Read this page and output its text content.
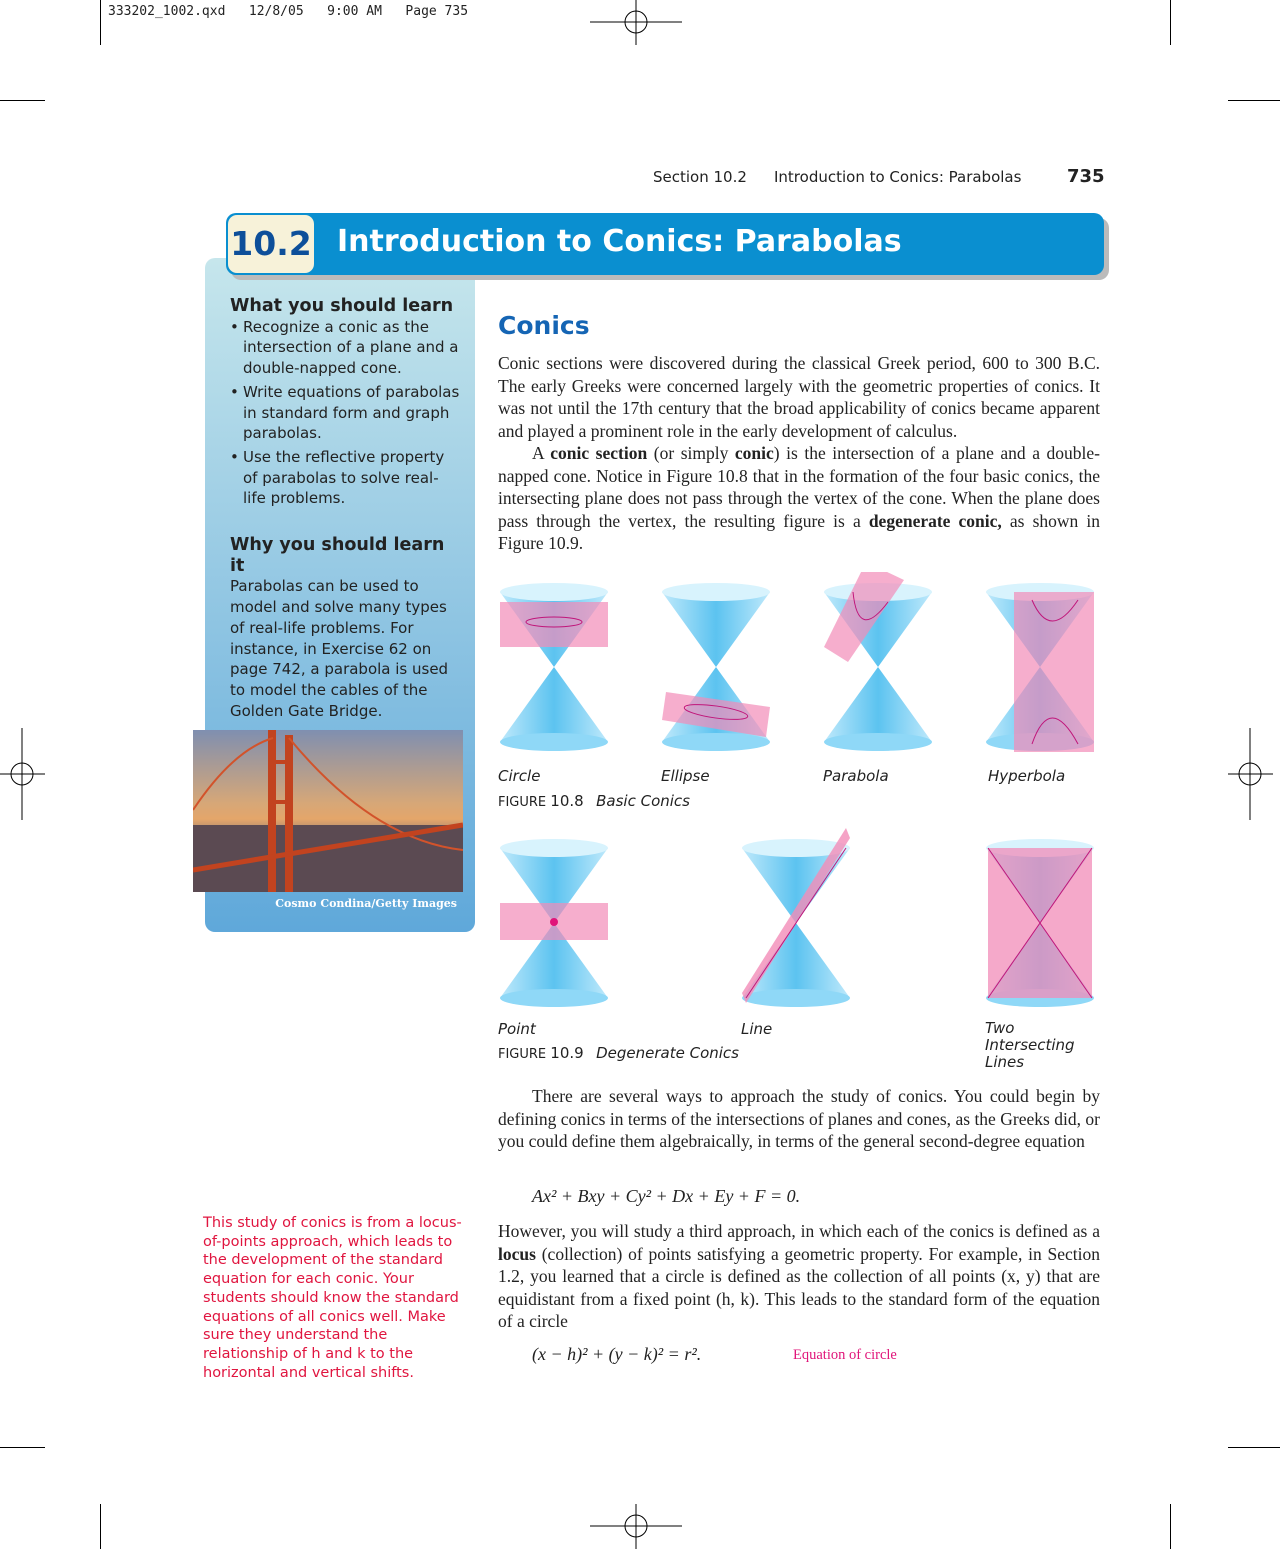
333202_1002.qxd   12/8/05   9:00 AM   Page 735
Section 10.2 Introduction to Conics: Parabolas	735
10.2 Introduction to Conics: Parabolas
What you should learn
• Recognize a conic as the intersection of a plane and a double-napped cone.
• Write equations of parabolas in standard form and graph parabolas.
• Use the reflective property of parabolas to solve real-life problems.
Why you should learn it

Parabolas can be used to model and solve many types of real-life problems. For instance, in Exercise 62 on page 742, a parabola is used to model the cables of the Golden Gate Bridge.

Cosmo Condina/Getty Images
This study of conics is from a locus-of-points approach, which leads to the development of the standard equation for each conic. Your students should know the standard equations of all conics well. Make sure they understand the relationship of h and k to the horizontal and vertical shifts.
Conics

Conic sections were discovered during the classical Greek period, 600 to 300 B.C. The early Greeks were concerned largely with the geometric properties of conics. It was not until the 17th century that the broad applicability of conics became apparent and played a prominent role in the early development of calculus.

A conic section (or simply conic) is the intersection of a plane and a double-napped cone. Notice in Figure 10.8 that in the formation of the four basic conics, the intersecting plane does not pass through the vertex of the cone. When the plane does pass through the vertex, the resulting figure is a degenerate conic, as shown in Figure 10.9.

Circle	Ellipse	Parabola	Hyperbola
FIGURE 10.8 Basic Conics
Point	Line	Two Intersecting Lines
FIGURE 10.9 Degenerate Conics
There are several ways to approach the study of conics. You could begin by defining conics in terms of the intersections of planes and cones, as the Greeks did, or you could define them algebraically, in terms of the general second-degree equation
Ax² + Bxy + Cy² + Dx + Ey + F = 0.
However, you will study a third approach, in which each of the conics is defined as a locus (collection) of points satisfying a geometric property. For example, in Section 1.2, you learned that a circle is defined as the collection of all points (x, y) that are equidistant from a fixed point (h, k). This leads to the standard form of the equation of a circle
(x − h)² + (y − k)² = r².	Equation of circle
